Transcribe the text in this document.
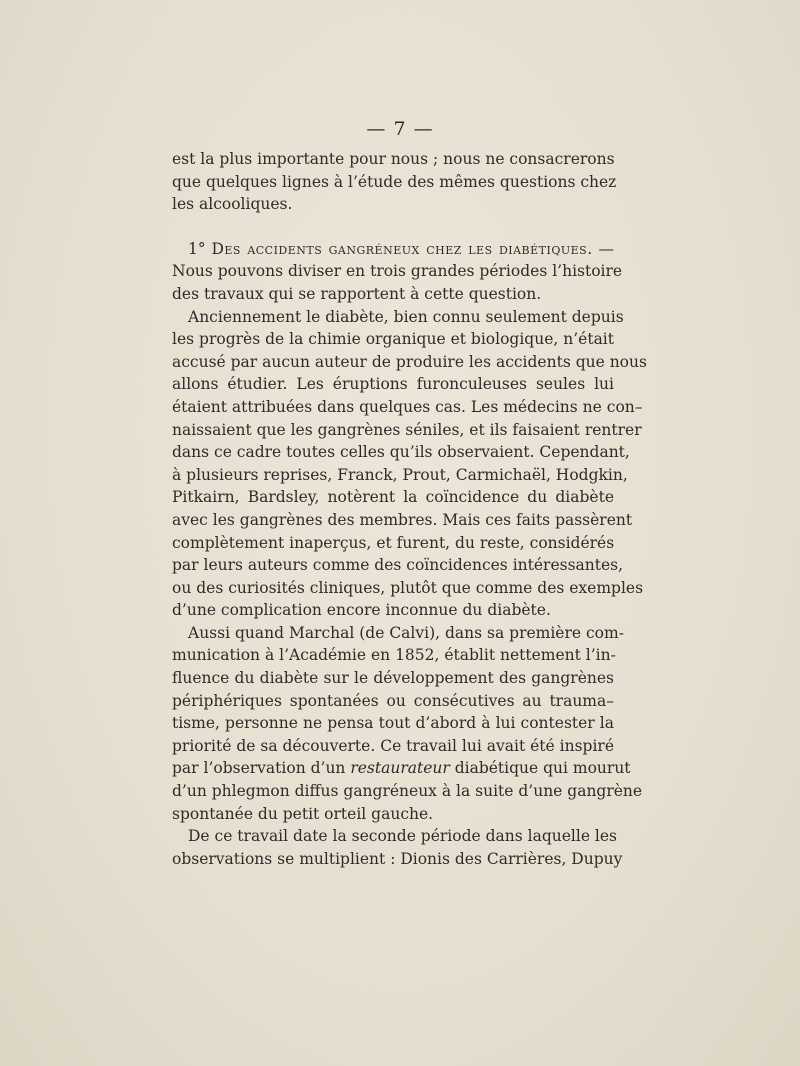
— 7 —
est la plus importante pour nous ; nous ne consacrerons
que quelques lignes à l’étude des mêmes questions chez
les alcooliques.
1° Des accidents gangréneux chez les diabétiques. —
Nous pouvons diviser en trois grandes périodes l’histoire
des travaux qui se rapportent à cette question.
Anciennement le diabète, bien connu seulement depuis
les progrès de la chimie organique et biologique, n’était
accusé par aucun auteur de produire les accidents que nous
allons étudier. Les éruptions furonculeuses seules lui
étaient attribuées dans quelques cas. Les médecins ne con–
naissaient que les gangrènes séniles, et ils faisaient rentrer
dans ce cadre toutes celles qu’ils observaient. Cependant,
à plusieurs reprises, Franck, Prout, Carmichaël, Hodgkin,
Pitkairn, Bardsley, notèrent la coïncidence du diabète
avec les gangrènes des membres. Mais ces faits passèrent
complètement inaperçus, et furent, du reste, considérés
par leurs auteurs comme des coïncidences intéressantes,
ou des curiosités cliniques, plutôt que comme des exemples
d’une complication encore inconnue du diabète.
Aussi quand Marchal (de Calvi), dans sa première com-
munication à l’Académie en 1852, établit nettement l’in-
fluence du diabète sur le développement des gangrènes
périphériques spontanées ou consécutives au trauma–
tisme, personne ne pensa tout d’abord à lui contester la
priorité de sa découverte. Ce travail lui avait été inspiré
par l’observation d’un restaurateur diabétique qui mourut
d’un phlegmon diffus gangréneux à la suite d’une gangrène
spontanée du petit orteil gauche.
De ce travail date la seconde période dans laquelle les
observations se multiplient : Dionis des Carrières, Dupuy
